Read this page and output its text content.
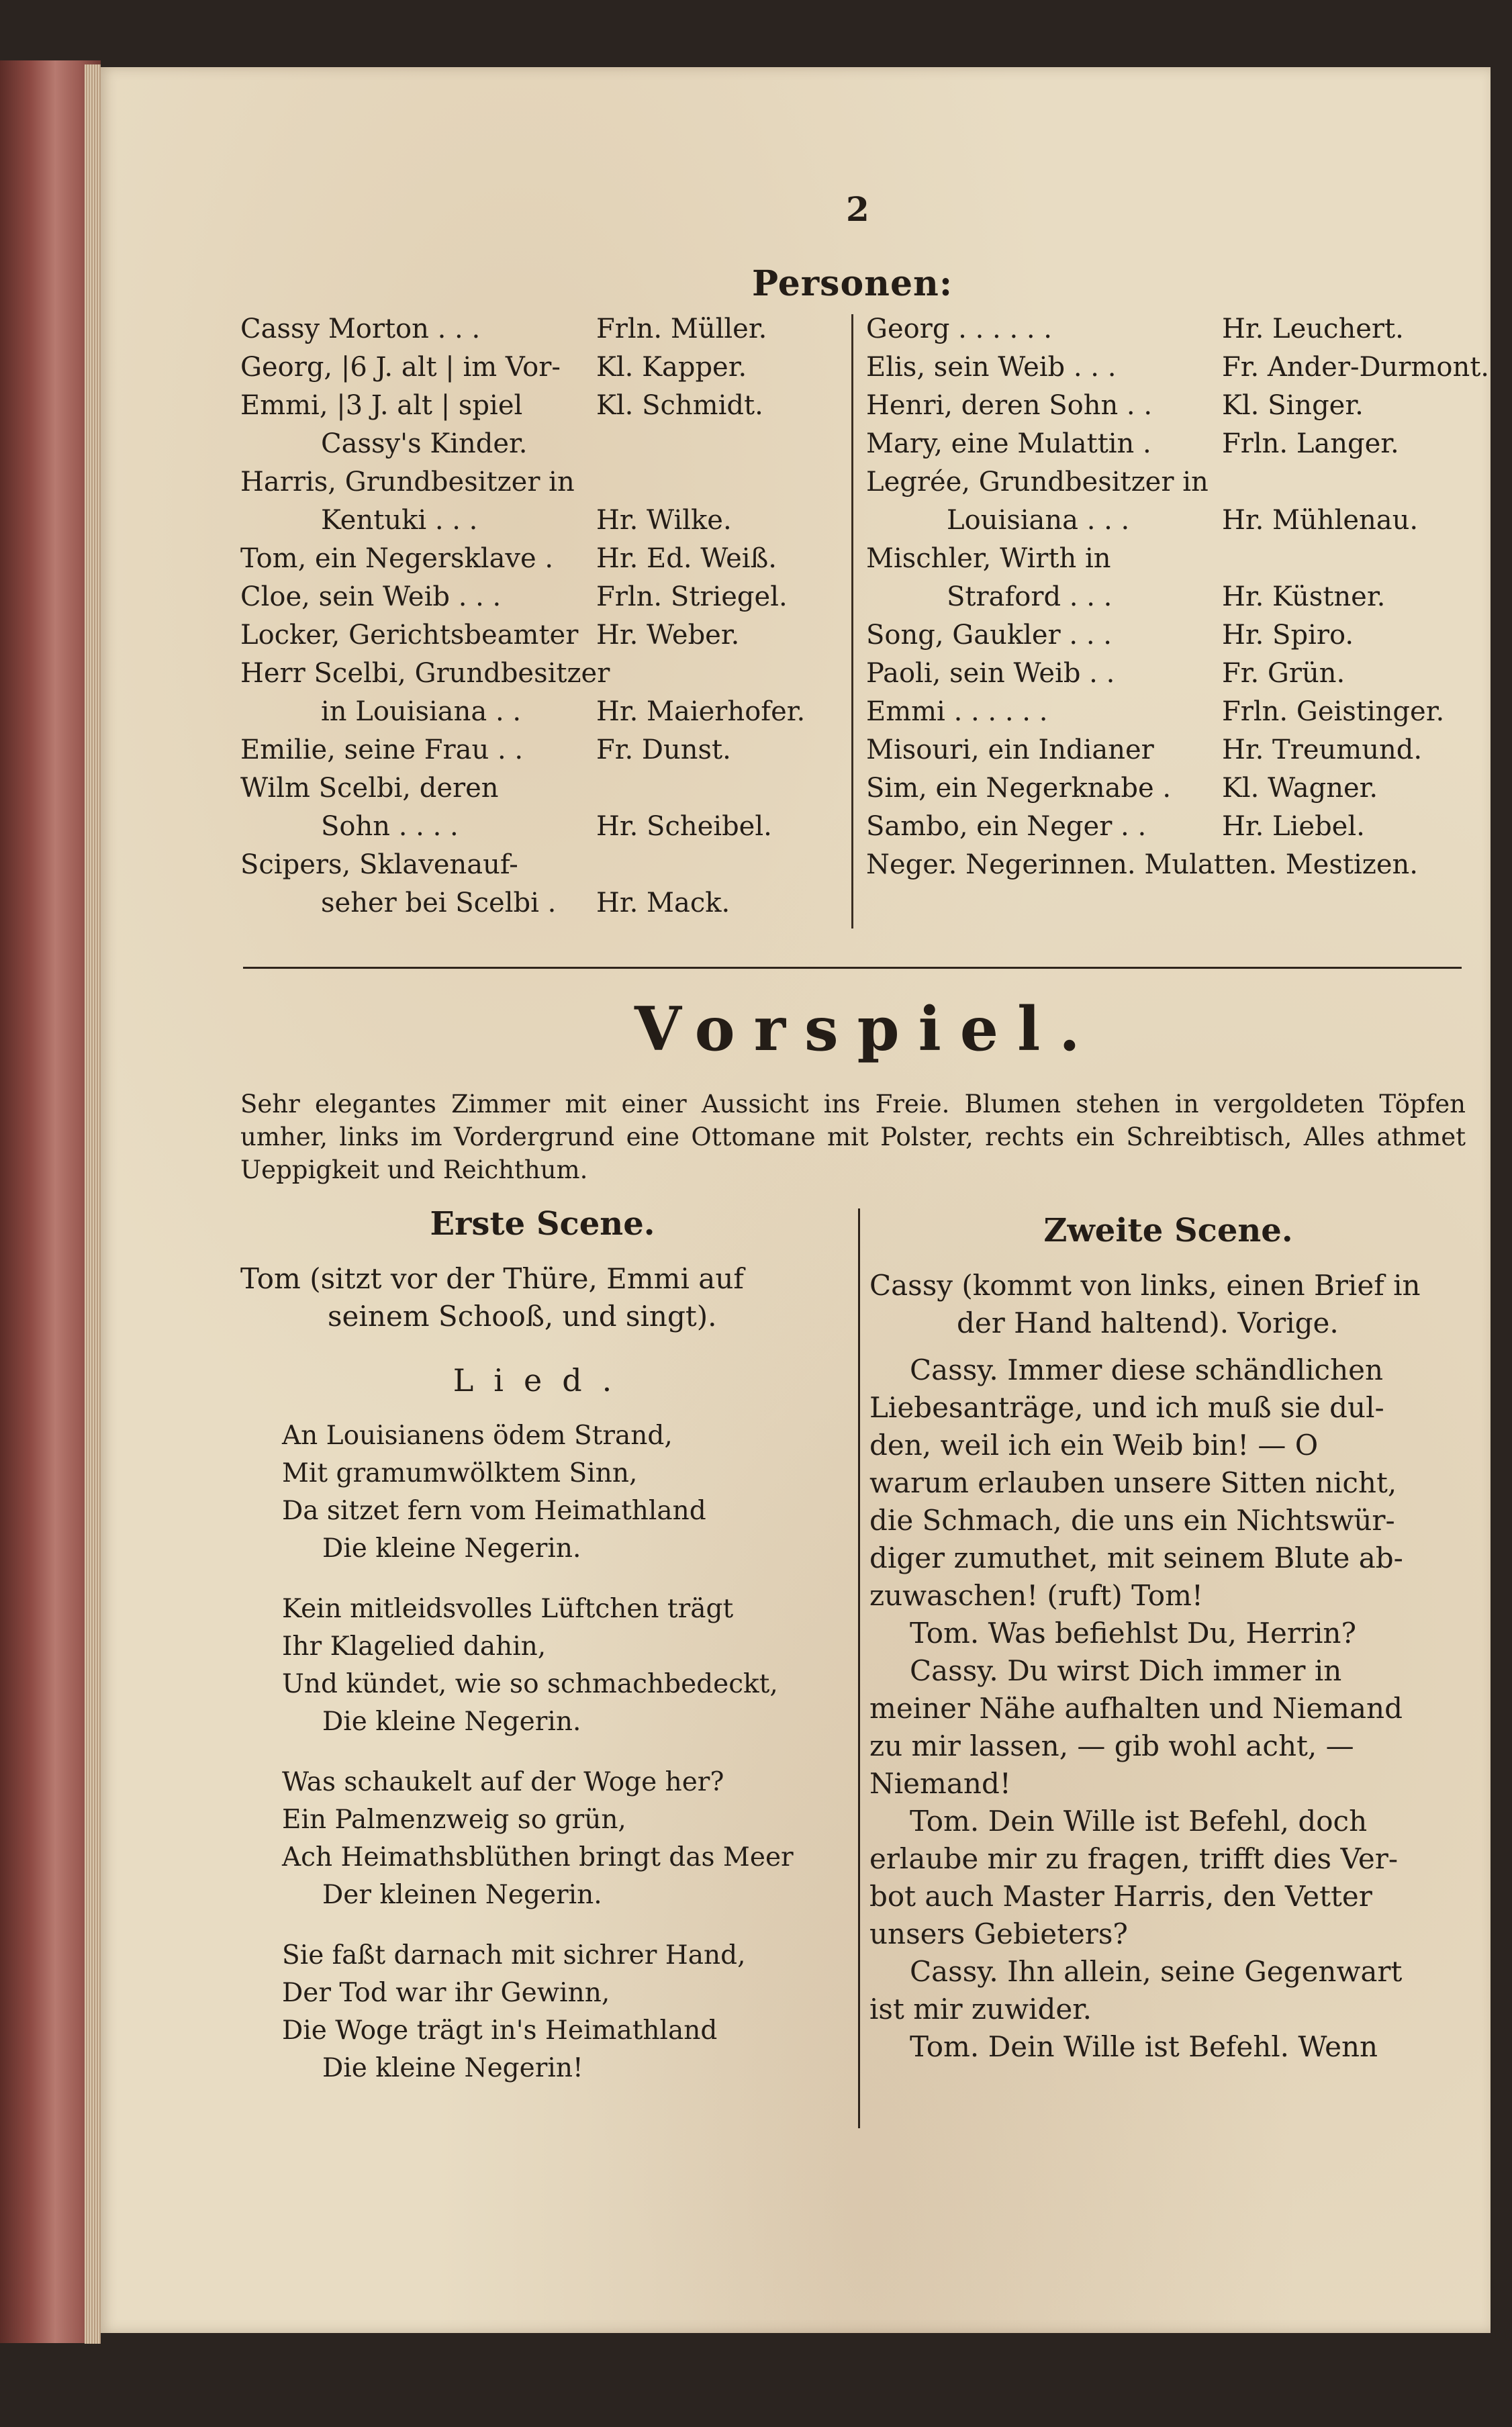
2
Personen:
Cassy Morton . . .	Frln. Müller.
Georg, |6 J. alt | im Vor- Kl. Kapper.
Emmi, |3 J. alt | spiel	Kl. Schmidt.
Cassy's Kinder.
Harris, Grundbesitzer in
Kentuki . . .	Hr. Wilke.
Tom, ein Negersklave . Hr. Ed. Weiß.
Cloe, sein Weib . . .	Frln. Striegel.
Locker, Gerichtsbeamter Hr. Weber.
Herr Scelbi, Grundbesitzer
in Louisiana . .	Hr. Maierhofer.
Emilie, seine Frau . .	Fr. Dunst.
Wilm Scelbi, deren
Sohn . . . .	Hr. Scheibel.
Scipers, Sklavenauf-
seher bei Scelbi . Hr. Mack.
Georg . . . . . .	Hr. Leuchert.
Elis, sein Weib . . .	Fr. Ander-Durmont.
Henri, deren Sohn . .	Kl. Singer.
Mary, eine Mulattin .	Frln. Langer.
Legrée, Grundbesitzer in
Louisiana . . .	Hr. Mühlenau.
Mischler, Wirth in
Straford . . .	Hr. Küstner.
Song, Gaukler . . .	Hr. Spiro.
Paoli, sein Weib . .	Fr. Grün.
Emmi . . . . . .	Frln. Geistinger.
Misouri, ein Indianer	Hr. Treumund.
Sim, ein Negerknabe . Kl. Wagner.
Sambo, ein Neger . .	Hr. Liebel.
Neger. Negerinnen. Mulatten. Mestizen.
Vorspiel.
Sehr elegantes Zimmer mit einer Aussicht ins Freie. Blumen stehen in vergoldeten Töpfen umher, links im Vordergrund eine Ottomane mit Polster, rechts ein Schreibtisch, Alles athmet Ueppigkeit und Reichthum.
Erste Scene.
Tom (sitzt vor der Thüre, Emmi auf
seinem Schooß, und singt).
Lied.
An Louisianens ödem Strand,
Mit gramumwölktem Sinn,
Da sitzet fern vom Heimathland
Die kleine Negerin.
Kein mitleidsvolles Lüftchen trägt
Ihr Klagelied dahin,
Und kündet, wie so schmachbedeckt,
Die kleine Negerin.
Was schaukelt auf der Woge her?
Ein Palmenzweig so grün,
Ach Heimathsblüthen bringt das Meer
Der kleinen Negerin.
Sie faßt darnach mit sichrer Hand,
Der Tod war ihr Gewinn,
Die Woge trägt in's Heimathland
Die kleine Negerin!
Zweite Scene.
Cassy (kommt von links, einen Brief in
der Hand haltend). Vorige.
Cassy. Immer diese schändlichen
Liebesanträge, und ich muß sie dul-
den, weil ich ein Weib bin! — O
warum erlauben unsere Sitten nicht,
die Schmach, die uns ein Nichtswür-
diger zumuthet, mit seinem Blute ab-
zuwaschen! (ruft) Tom!
Tom. Was befiehlst Du, Herrin?
Cassy. Du wirst Dich immer in
meiner Nähe aufhalten und Niemand
zu mir lassen, — gib wohl acht, —
Niemand!
Tom. Dein Wille ist Befehl, doch
erlaube mir zu fragen, trifft dies Ver-
bot auch Master Harris, den Vetter
unsers Gebieters?
Cassy. Ihn allein, seine Gegenwart
ist mir zuwider.
Tom. Dein Wille ist Befehl. Wenn
